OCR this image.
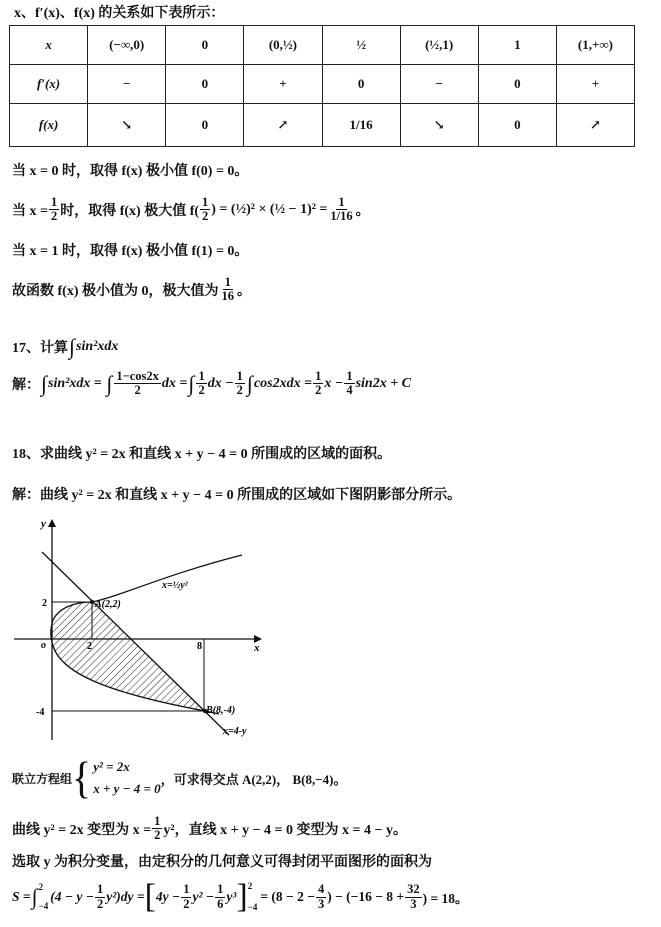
x、f′(x)、f(x) 的关系如下表所示：
x	(−∞,0)	0	(0,½)	½	(½,1)	1	(1,+∞)
f′(x)	−	0	+	0	−	0	+
f(x)	↘	0	↗	1/16	↘	0	↗
当 x = 0 时，取得 f(x) 极小值 f(0) = 0。
当 $x = \frac{1}{2}$ 时，取得 f(x) 极大值 $f( \frac{1}{2}$ ) = (½)² × (½ − $1)^2 = \frac{1}{1/16}$ 。
当 x = 1 时，取得 f(x) 极小值 f(1) = 0。
故函数 f(x) 极小值为 0，极大值为 $\frac{1}{16}$ 。
17、计算 ∫ sin²xdx
解： ∫ sin²xdx = ∫ $\frac{1-\cos 2x}{2}$ dx = ∫ $\frac{1}{2}$ dx − $\frac{1}{2}$ ∫ $\cos 2xdx = \frac{1}{2}$ $x - \frac{1}{4} \sin 2x + C$
18、求曲线 y² = 2x 和直线 x + y − 4 = 0 所围成的区域的面积。
解：曲线 y² = 2x 和直线 x + y − 4 = 0 所围成的区域如下图阴影部分所示。
y
x
o
2
-4
2	8
A(2,2)
B(8,-4)
x=½y²
x=4-y
联立方程组 { y² = 2x
x + y − 4 = 0
，可求得交点 A(2,2)， B(8,−4)。
曲线 y² = 2x 变型为 $x = \frac{1}{2} y^2$，直线 x + y − 4 = 0 变型为 x = 4 − y。
选取 y 为积分变量，由定积分的几何意义可得封闭平面图形的面积为
S = ∫ 2
−4
$(4 - y - \frac{1}{2} y^2)dy$ = [ $4y - \frac{1}{2} y^2 - \frac{1}{6} y^3$ ] 2
−4
= ($8 - 2 - \frac{4}{3}$ ) − ($-16 - 8 + \frac{32}{3}$ ) = 18。
